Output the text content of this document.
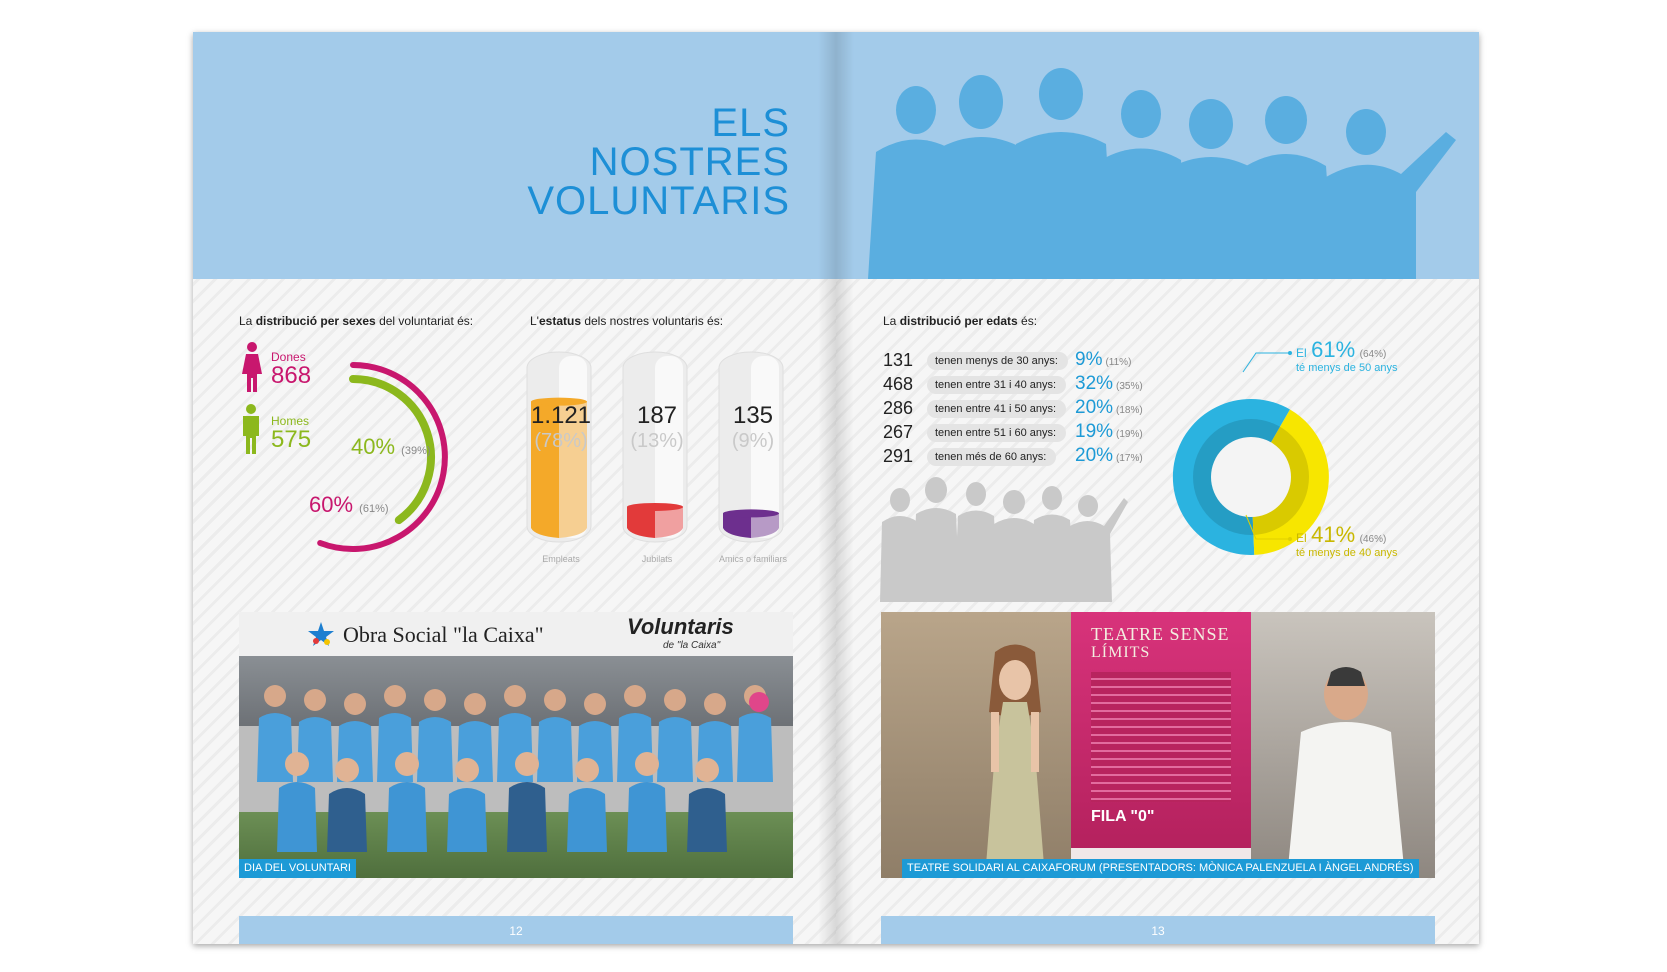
ELS
NOSTRES
VOLUNTARIS
La distribució per sexes del voluntariat és:
Dones
868
Homes
575 40% (39%)
60% (61%)
L'estatus dels nostres voluntaris és:
1.121
(78%)
187
(13%)
135
(9%)
Empleats	Jubilats	Amics o familiars
Obra Social "la Caixa"	Voluntaris
de "la Caixa"
DIA DEL VOLUNTARI
12
La distribució per edats és:
131	tenen menys de 30 anys: 9% (11%)
468	tenen entre 31 i 40 anys: 32% (35%)
286	tenen entre 41 i 50 anys: 20% (18%)
267	tenen entre 51 i 60 anys: 19% (19%)
291	tenen més de 60 anys:	20% (17%)
El 61% (64%)
té menys de 50 anys
El 41% (46%)
té menys de 40 anys
TEATRE SENSE
LÍMITS
FILA "0"
TEATRE SOLIDARI AL CAIXAFORUM (PRESENTADORS: MÒNICA PALENZUELA I ÀNGEL ANDRÉS)
13
